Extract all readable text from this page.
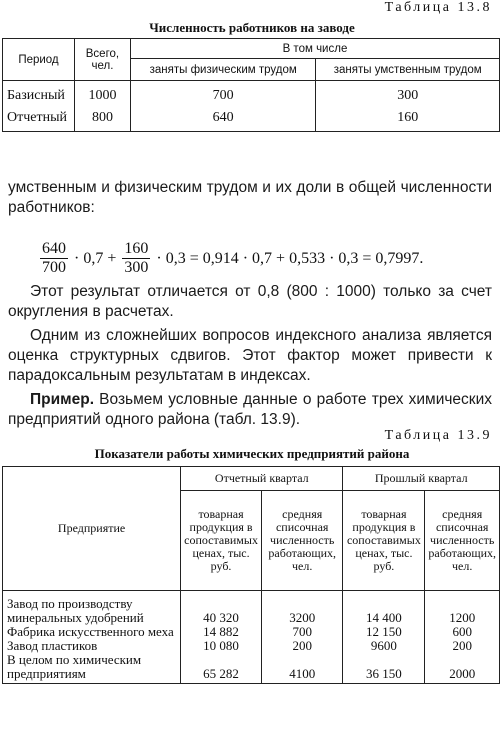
Таблица 13.8
Численность работников на заводе
Период	Всего, чел.	В том числе	
		заняты физическим трудом	заняты умственным трудом
Базисный	1000	700	300
Отчетный	800	640	160
умственным и физическим трудом и их доли в общей численности работников:
$\frac{640}{700} \cdot 0,7 + \frac{160}{300} \cdot 0,3 = 0,914 \cdot 0,7 + 0,533 \cdot 0,3 = 0,7997$.
Этот результат отличается от 0,8 (800 : 1000) только за счет округления в расчетах.
Одним из сложнейших вопросов индексного анализа является оценка структурных сдвигов. Этот фактор может привести к парадоксальным результатам в индексах.
Пример. Возьмем условные данные о работе трех химических предприятий одного района (табл. 13.9).
Таблица 13.9
Показатели работы химических предприятий района
Предприятие	Отчетный квартал		Прошлый квартал	
	товарная продукция в сопоставимых ценах, тыс. руб.	средняя списочная численность работающих, чел.	товарная продукция в сопоставимых ценах, тыс. руб.	средняя списочная численность работающих, чел.
Завод по производству минеральных удобрений	40 320	3200	14 400	1200
Фабрика искусственного меха	14 882	700	12 150	600
Завод пластиков	10 080	200	9600	200
В целом по химическим предприятиям	65 282	4100	36 150	2000
